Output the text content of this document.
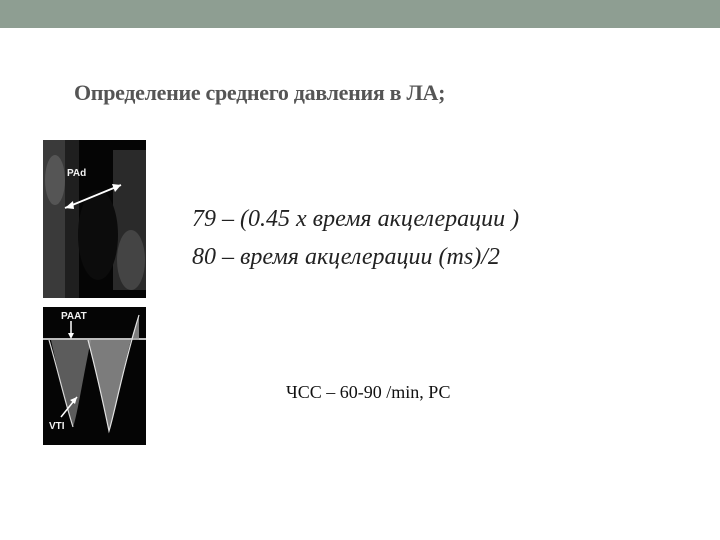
Определение среднего давления в ЛА;
PAd
PAAT
VTI
79 – (0.45 x время акцелерации )
80 – время акцелерации (ms)/2
ЧСС – 60-90 /min, РС
